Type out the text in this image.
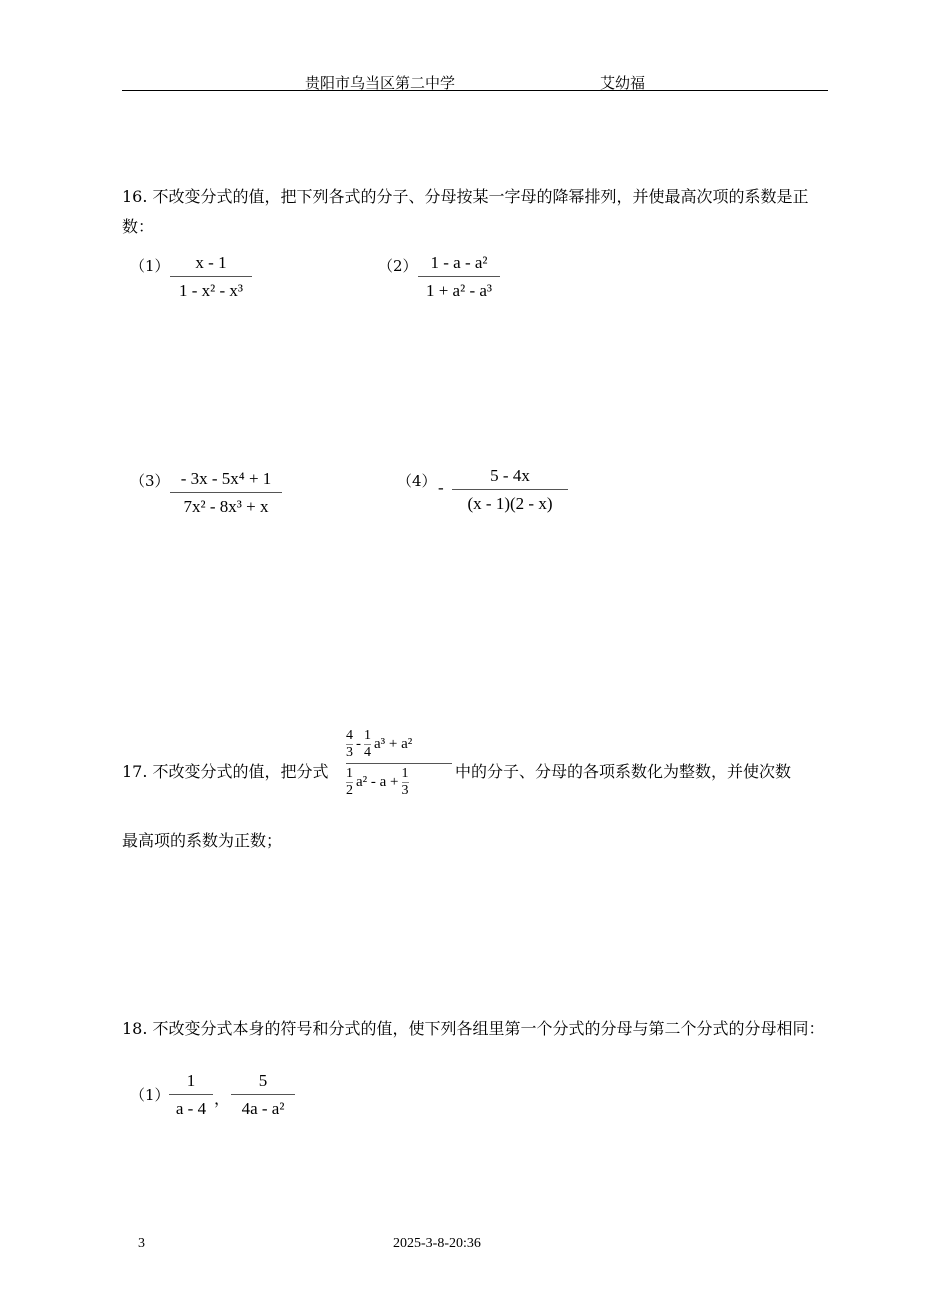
贵阳市乌当区第二中学	艾幼福
16. 不改变分式的值，把下列各式的分子、分母按某一字母的降幂排列，并使最高次项的系数是正数：
$(1) \frac{x - 1}{\text{1 - x² - x³}}$	$(2) \frac{\text{1 - a - a²}}{\text{1 + a² - a³}}$
$(3) \frac{\text{- 3x - 5x⁴ + 1}}{\text{7x² - 8x³ + x}}$	$(4) - \frac{5 - 4x}{(x - 1)(2 - x)}$
17. 不改变分式的值，把分式	4
3
-
1
4
a³ + a²
1
2
$a^2 - a + \frac{1}{3}$ 中的分子、分母的各项系数化为整数，并使次数
最高项的系数为正数；
18. 不改变分式本身的符号和分式的值，使下列各组里第一个分式的分母与第二个分式的分母相同：
$(1) \frac{1}{a - 4}$ ， $\frac{5}{\text{4a - a²}}$
3	2025-3-8-20:36
